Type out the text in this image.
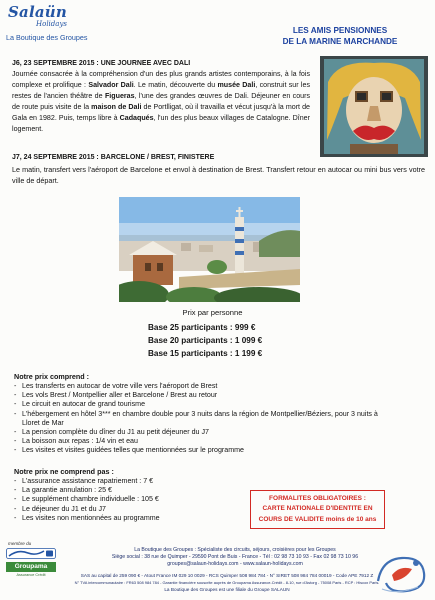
Salaün
Holidays
La Boutique des Groupes
LES AMIS PENSIONNES
DE LA MARINE MARCHANDE
J6, 23 SEPTEMBRE 2015 : UNE JOURNEE AVEC DALI

Journée consacrée à la compréhension d'un des plus grands artistes contemporains, à la fois complexe et prolifique : Salvador Dali. Le matin, découverte du musée Dali, construit sur les restes de l'ancien théâtre de Figueras, l'une des grandes œuvres de Dali. Déjeuner en cours de route puis visite de la maison de Dali de Portlligat, où il travailla et vécut jusqu'à la mort de Gala en 1982. Puis, temps libre à Cadaqués, l'un des plus beaux villages de Catalogne. Dîner logement.

J7, 24 SEPTEMBRE 2015 : BARCELONE / BREST, FINISTERE

Le matin, transfert vers l'aéroport de Barcelone et envol à destination de Brest. Transfert retour en autocar ou mini bus vers votre ville de départ.

Prix par personne
Base 25 participants : 999 €
Base 20 participants : 1 099 €
Base 15 participants : 1 199 €
Notre prix comprend :
- Les transferts en autocar de votre ville vers l'aéroport de Brest
- Les vols Brest / Montpellier aller et Barcelone / Brest au retour
- Le circuit en autocar de grand tourisme
- L'hébergement en hôtel 3*** en chambre double pour 3 nuits dans la région de Montpellier/Béziers, pour 3 nuits à Lloret de Mar
- La pension complète du dîner du J1 au petit déjeuner du J7
- La boisson aux repas : 1/4 vin et eau
- Les visites et visites guidées telles que mentionnées sur le programme
Notre prix ne comprend pas :
- L'assurance assistance rapatriement : 7 €
- La garantie annulation : 25 €
- Le supplément chambre individuelle : 105 €
- Le déjeuner du J1 et du J7
- Les visites non mentionnées au programme
FORMALITES OBLIGATOIRES :
CARTE NATIONALE D'IDENTITE EN COURS DE VALIDITE moins de 10 ans
membre du
Groupama
Assurance Crédit
La Boutique des Groupes : Spécialiste des circuits, séjours, croisières pour les Groupes
Siège social : 38 rue de Quimper - 29590 Pont de Buis - France - Tél : 02 98 73 10 93 - Fax 02 98 73 10 96
groupes@salaun-holidays.com - www.salaun-holidays.com
SAS au capital de 259 090 € - Atout France IM 029 10 0029 - RCS Quimper 508 984 784 - N° SIRET 508 984 784 00019 - Code APE 7912 Z
N° TVA intercommunautaire : FR63 508 984 784 - Garantie financière souscrite auprès de Groupama Assurance-Crédit - 8-10, rue d'Astorg - 75008 Paris - RCP : Hiscox Paris.
La Boutique des Groupes est une filiale du Groupe SALAUN
